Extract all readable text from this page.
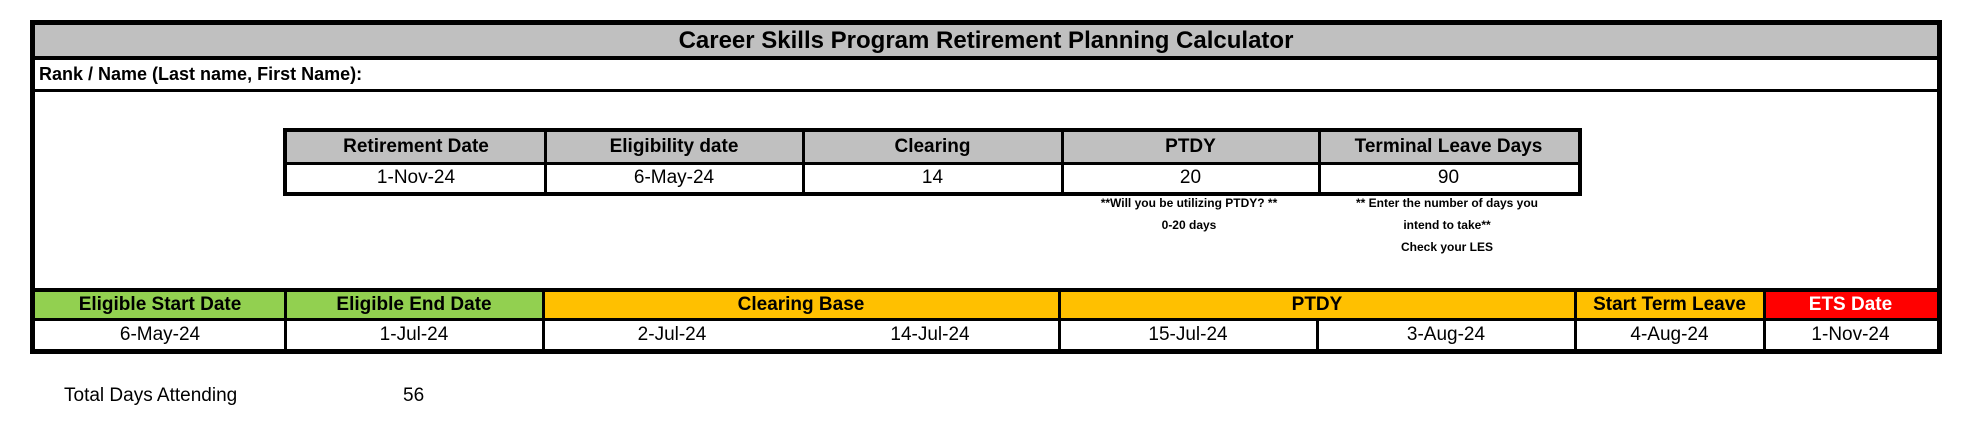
Career Skills Program Retirement Planning Calculator
Rank / Name (Last name, First Name):
Retirement Date	Eligibility date	Clearing	PTDY	Terminal Leave Days
1-Nov-24	6-May-24	14	20	90
**Will you be utilizing PTDY? **
0-20 days
** Enter the number of days you
intend to take**
Check your LES
Eligible Start Date	Eligible End Date	Clearing Base	PTDY	Start Term Leave	ETS Date
6-May-24	1-Jul-24	2-Jul-24	14-Jul-24	15-Jul-24	3-Aug-24	4-Aug-24	1-Nov-24
Total Days Attending	56
